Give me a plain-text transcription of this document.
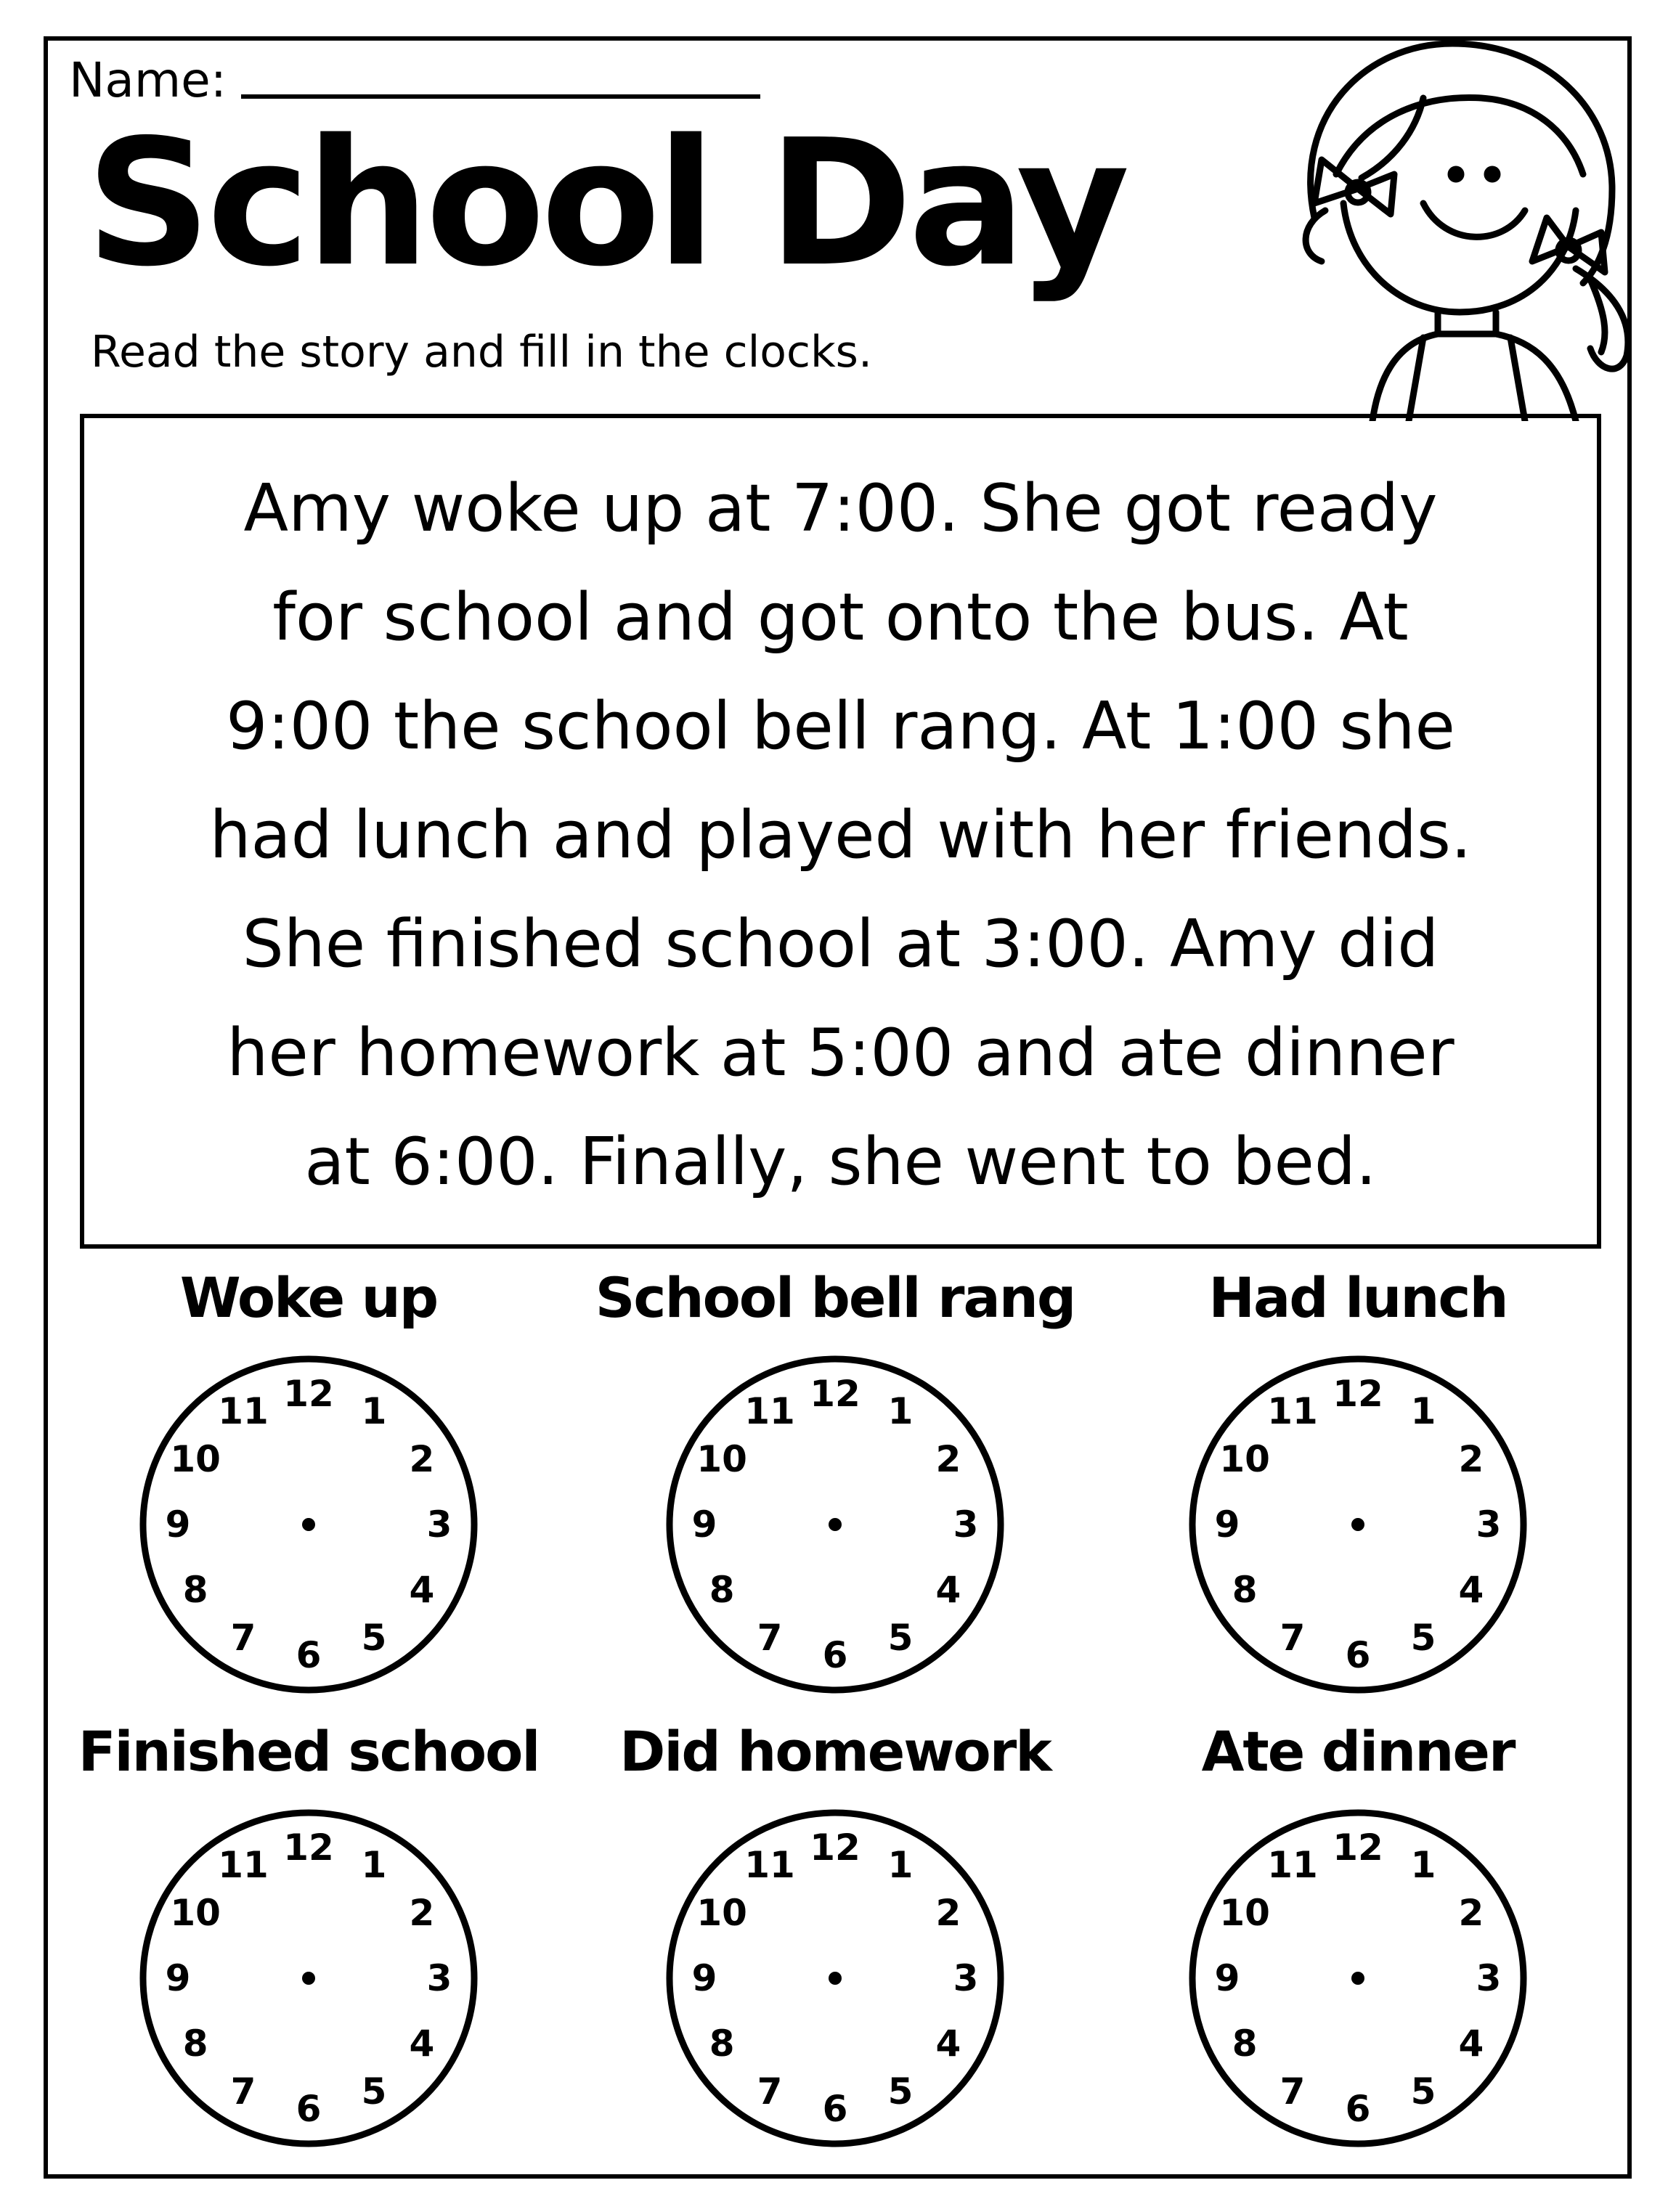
Name:
School Day
Read the story and fill in the clocks.

Amy woke up at 7:00. She got ready
for school and got onto the bus. At
9:00 the school bell rang. At 1:00 she
had lunch and played with her friends.
She finished school at 3:00. Amy did
her homework at 5:00 and ate dinner
at 6:00. Finally, she went to bed.

Woke up
12 1
2
3
4
5
6
7
8
9
10
11
School bell rang
12 1
2
3
4
5
6
7
8
9
10
11
Had lunch
12 1
2
3
4
5
6
7
8
9
10
11
Finished school
12 1
2
3
4
5
6
7
8
9
10
11
Did homework
12 1
2
3
4
5
6
7
8
9
10
11
Ate dinner
12 1
2
3
4
5
6
7
8
9
10
11
